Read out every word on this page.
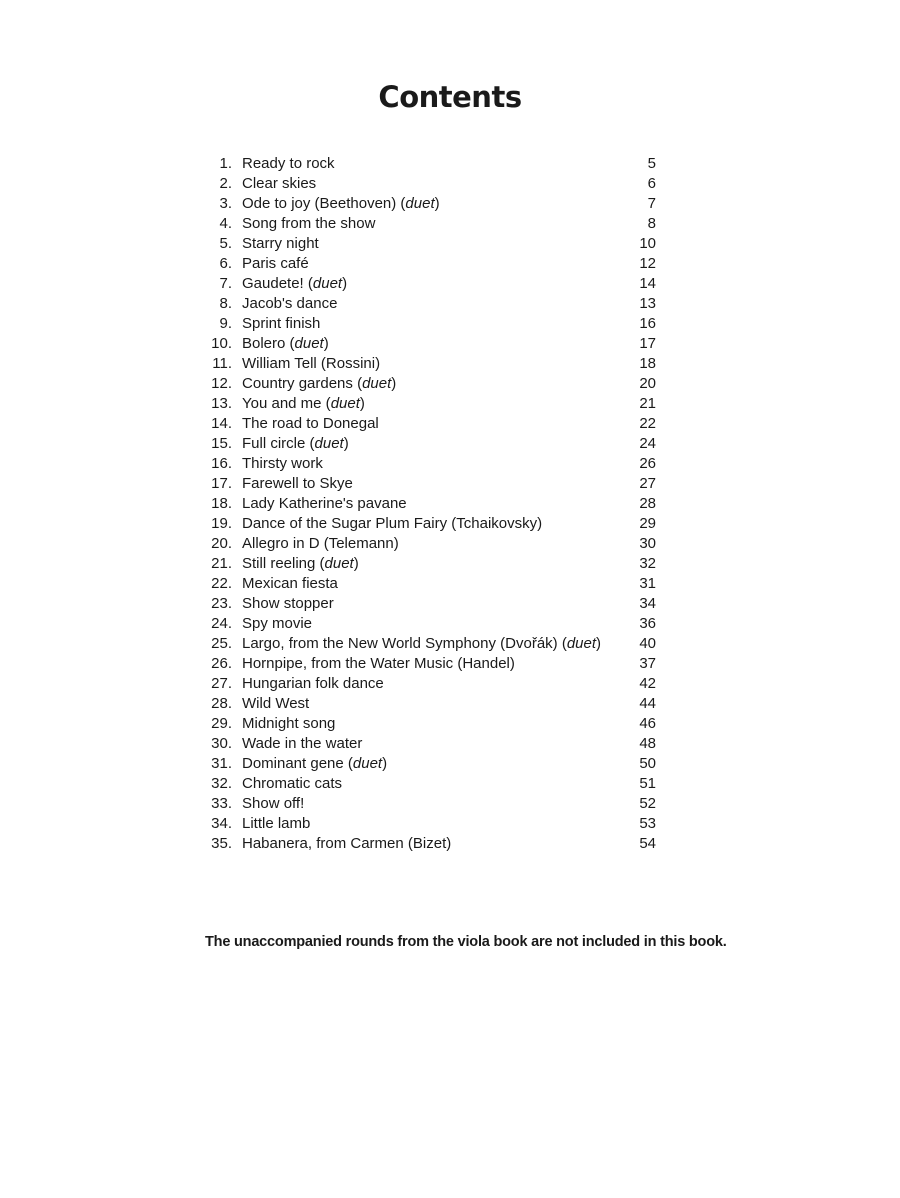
Contents
1. Ready to rock	5
2. Clear skies	6
3. Ode to joy (Beethoven) (duet)	7
4. Song from the show	8
5. Starry night	10
6. Paris café	12
7. Gaudete! (duet)	14
8. Jacob's dance	13
9. Sprint finish	16
10. Bolero (duet)	17
11. William Tell (Rossini)	18
12. Country gardens (duet)	20
13. You and me (duet)	21
14. The road to Donegal	22
15. Full circle (duet)	24
16. Thirsty work	26
17. Farewell to Skye	27
18. Lady Katherine's pavane	28
19. Dance of the Sugar Plum Fairy (Tchaikovsky)	29
20. Allegro in D (Telemann)	30
21. Still reeling (duet)	32
22. Mexican fiesta	31
23. Show stopper	34
24. Spy movie	36
25. Largo, from the New World Symphony (Dvořák) (duet)	40
26. Hornpipe, from the Water Music (Handel)	37
27. Hungarian folk dance	42
28. Wild West	44
29. Midnight song	46
30. Wade in the water	48
31. Dominant gene (duet)	50
32. Chromatic cats	51
33. Show off!	52
34. Little lamb	53
35. Habanera, from Carmen (Bizet)	54
The unaccompanied rounds from the viola book are not included in this book.
